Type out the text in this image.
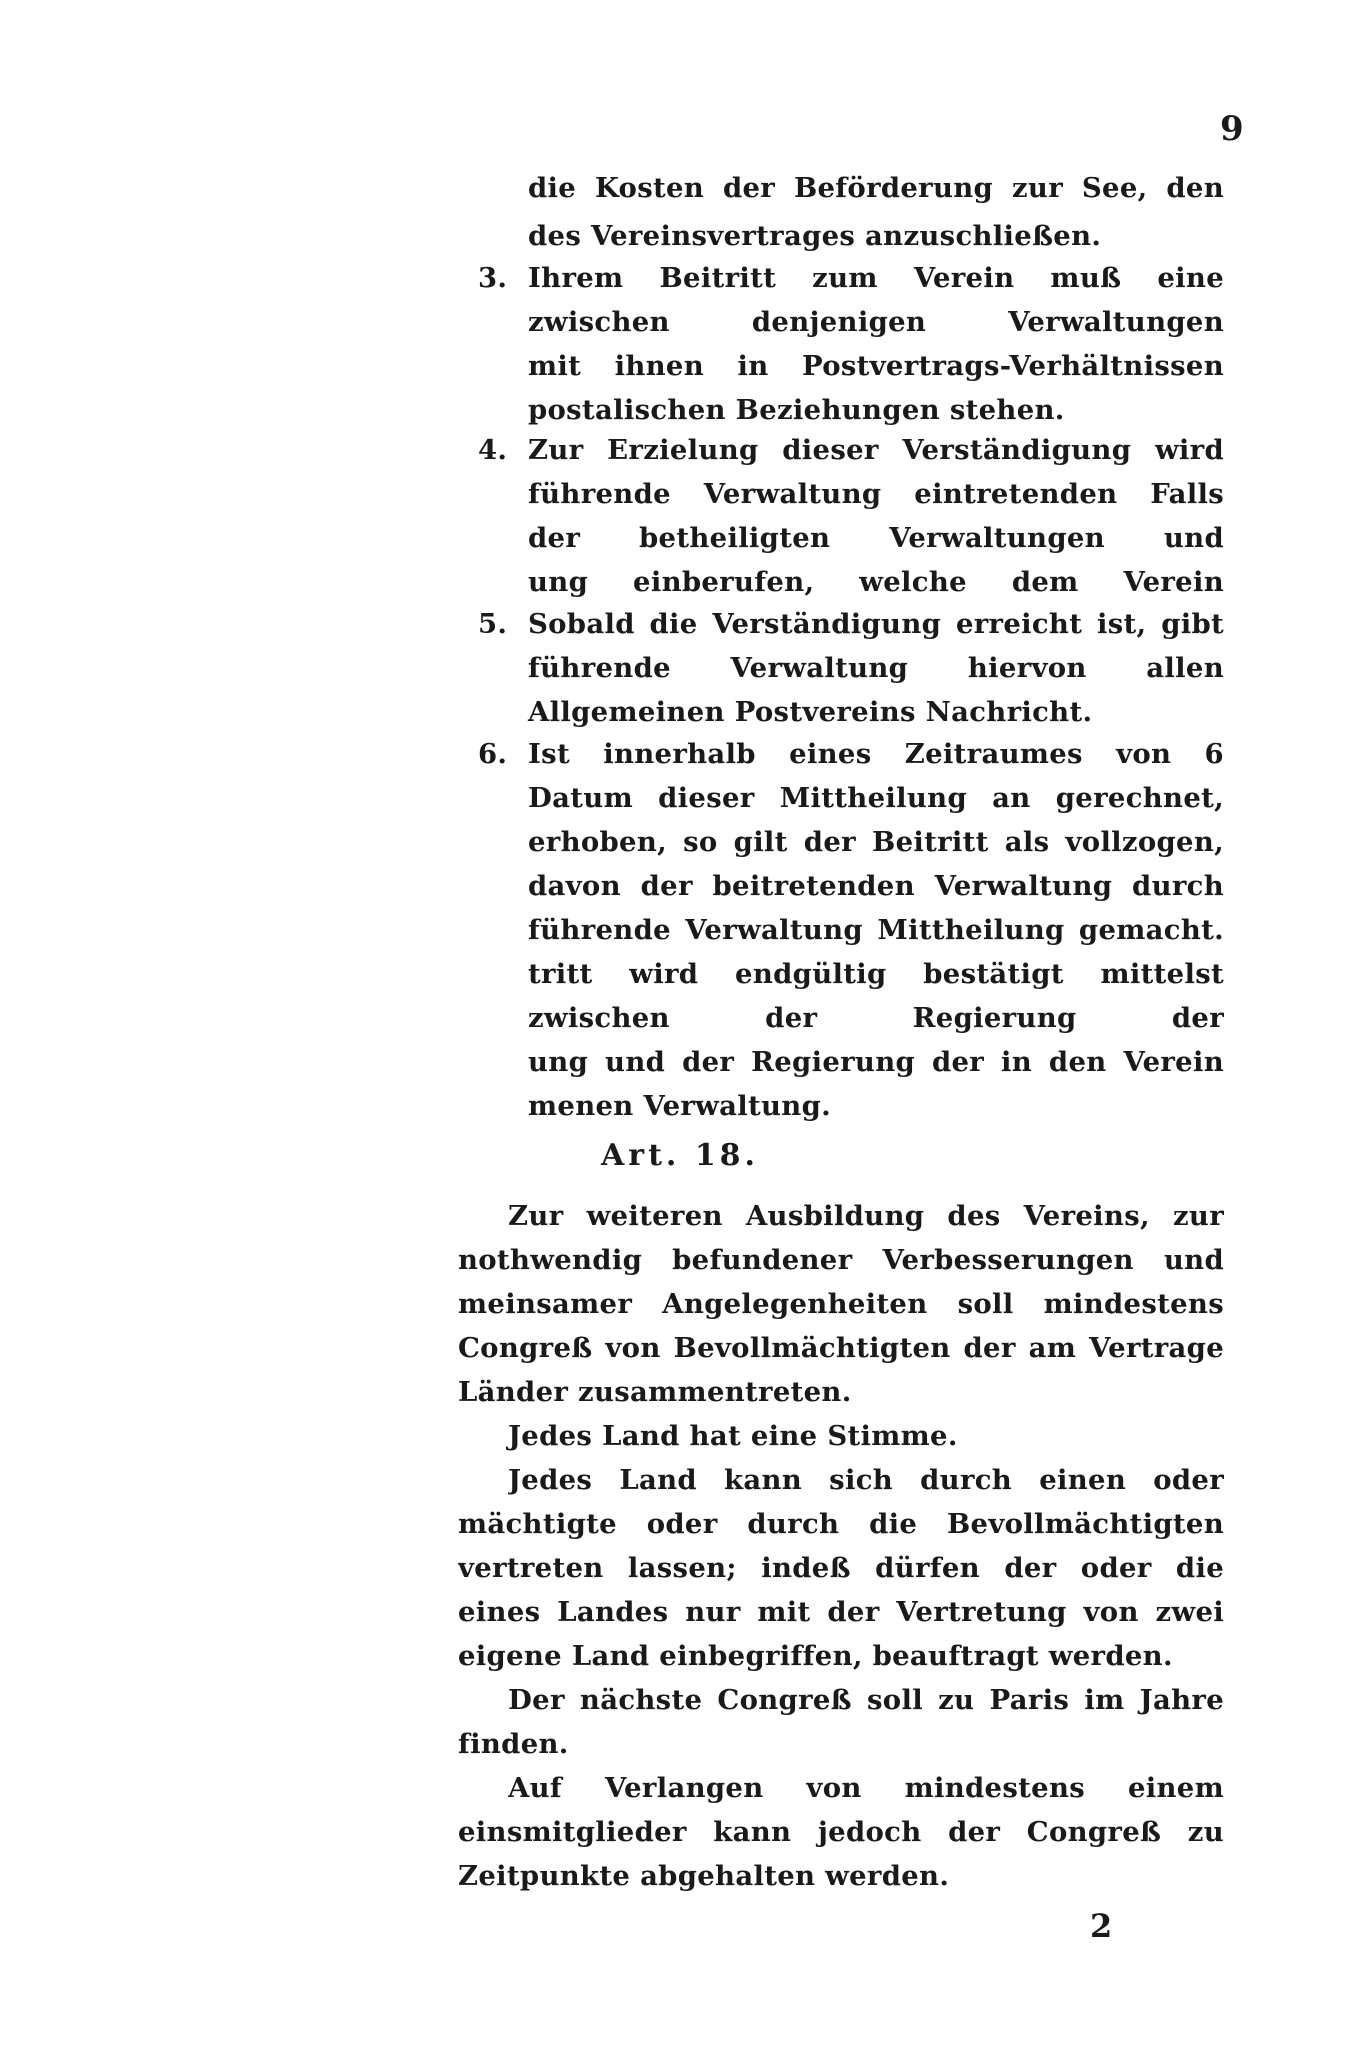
9
die Kosten der Beförderung zur See, den
des Vereinsvertrages anzuschließen.
3. Ihrem Beitritt zum Verein muß eine
zwischen denjenigen Verwaltungen
mit ihnen in Postvertrags-Verhältnissen
postalischen Beziehungen stehen.
4. Zur Erzielung dieser Verständigung wird
führende Verwaltung eintretenden Falls
der betheiligten Verwaltungen und
ung einberufen, welche dem Verein
5. Sobald die Verständigung erreicht ist, gibt
führende Verwaltung hiervon allen
Allgemeinen Postvereins Nachricht.
6. Ist innerhalb eines Zeitraumes von 6
Datum dieser Mittheilung an gerechnet,
erhoben, so gilt der Beitritt als vollzogen,
davon der beitretenden Verwaltung durch
führende Verwaltung Mittheilung gemacht.
tritt wird endgültig bestätigt mittelst
zwischen der Regierung der
ung und der Regierung der in den Verein
menen Verwaltung.
Art. 18.
Zur weiteren Ausbildung des Vereins, zur
nothwendig befundener Verbesserungen und
meinsamer Angelegenheiten soll mindestens
Congreß von Bevollmächtigten der am Vertrage
Länder zusammentreten.
Jedes Land hat eine Stimme.
Jedes Land kann sich durch einen oder
mächtigte oder durch die Bevollmächtigten
vertreten lassen; indeß dürfen der oder die
eines Landes nur mit der Vertretung von zwei
eigene Land einbegriffen, beauftragt werden.
Der nächste Congreß soll zu Paris im Jahre
finden.
Auf Verlangen von mindestens einem
einsmitglieder kann jedoch der Congreß zu
Zeitpunkte abgehalten werden.
2
